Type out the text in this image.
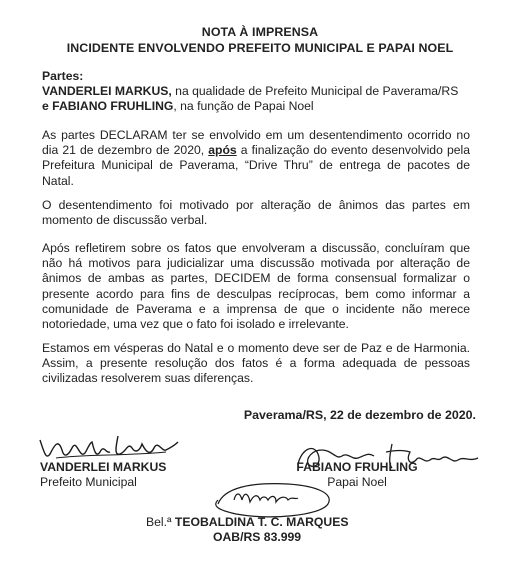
NOTA À IMPRENSA
INCIDENTE ENVOLVENDO PREFEITO MUNICIPAL E PAPAI NOEL
Partes:
VANDERLEI MARKUS, na qualidade de Prefeito Municipal de Paverama/RS
e FABIANO FRUHLING, na função de Papai Noel

As partes DECLARAM ter se envolvido em um desentendimento ocorrido no dia 21 de dezembro de 2020, após a finalização do evento desenvolvido pela Prefeitura Municipal de Paverama, “Drive Thru” de entrega de pacotes de Natal.

O desentendimento foi motivado por alteração de ânimos das partes em momento de discussão verbal.

Após refletirem sobre os fatos que envolveram a discussão, concluíram que não há motivos para judicializar uma discussão motivada por alteração de ânimos de ambas as partes, DECIDEM de forma consensual formalizar o presente acordo para fins de desculpas recíprocas, bem como informar a comunidade de Paverama e a imprensa de que o incidente não merece notoriedade, uma vez que o fato foi isolado e irrelevante.

Estamos em vésperas do Natal e o momento deve ser de Paz e de Harmonia. Assim, a presente resolução dos fatos é a forma adequada de pessoas civilizadas resolverem suas diferenças.

Paverama/RS, 22 de dezembro de 2020.
VANDERLEI MARKUS
Prefeito Municipal
FABIANO FRUHLING
Papai Noel
Bel.ª TEOBALDINA T. C. MARQUES
OAB/RS 83.999
